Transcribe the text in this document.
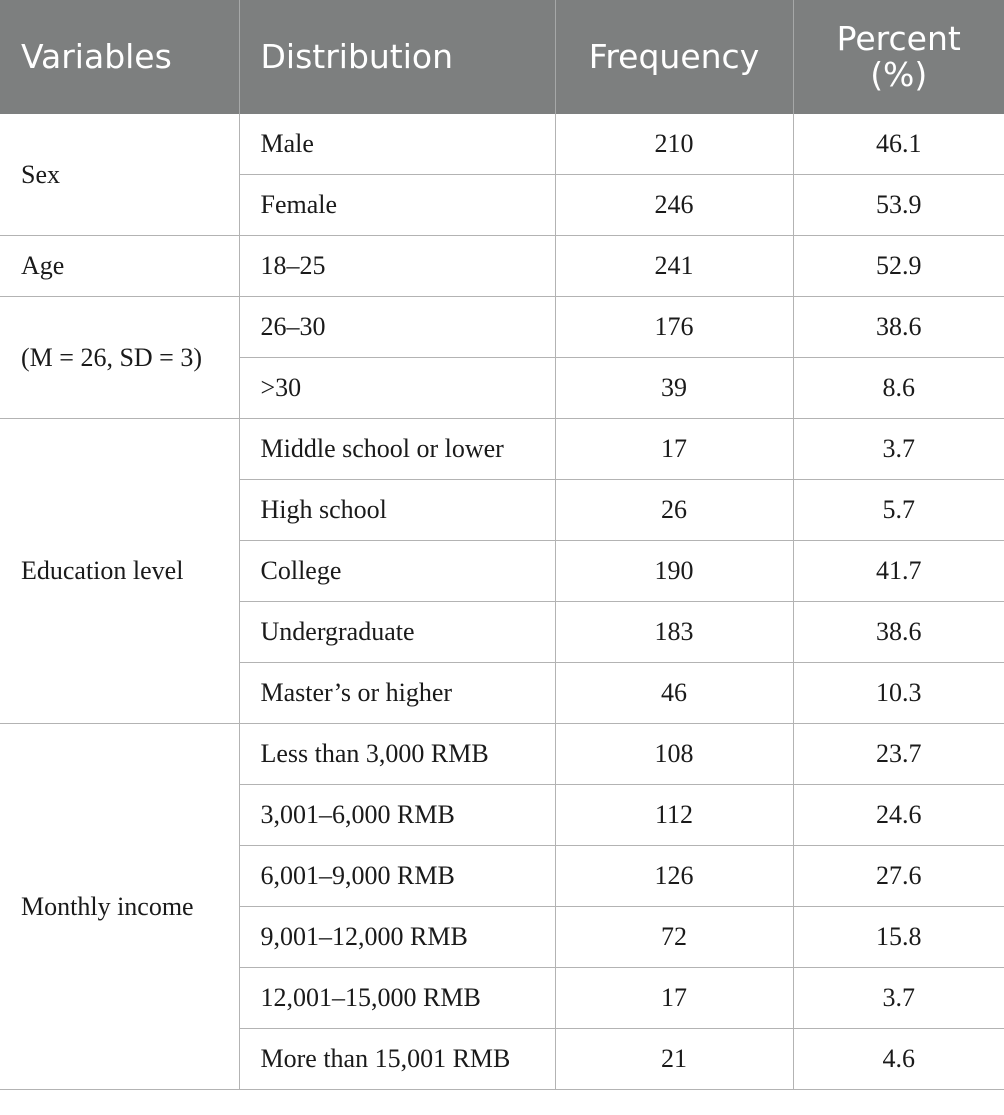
Variables	Distribution	Frequency	Percent
(%)
Sex	Male	210	46.1
	Female	246	53.9
Age	18–25	241	52.9
(M = 26, SD = 3)	26–30	176	38.6
	>30	39	8.6
Education level	Middle school or lower	17	3.7
	High school	26	5.7
	College	190	41.7
	Undergraduate	183	38.6
	Master’s or higher	46	10.3
Monthly income	Less than 3,000 RMB	108	23.7
	3,001–6,000 RMB	112	24.6
	6,001–9,000 RMB	126	27.6
	9,001–12,000 RMB	72	15.8
	12,001–15,000 RMB	17	3.7
	More than 15,001 RMB	21	4.6
